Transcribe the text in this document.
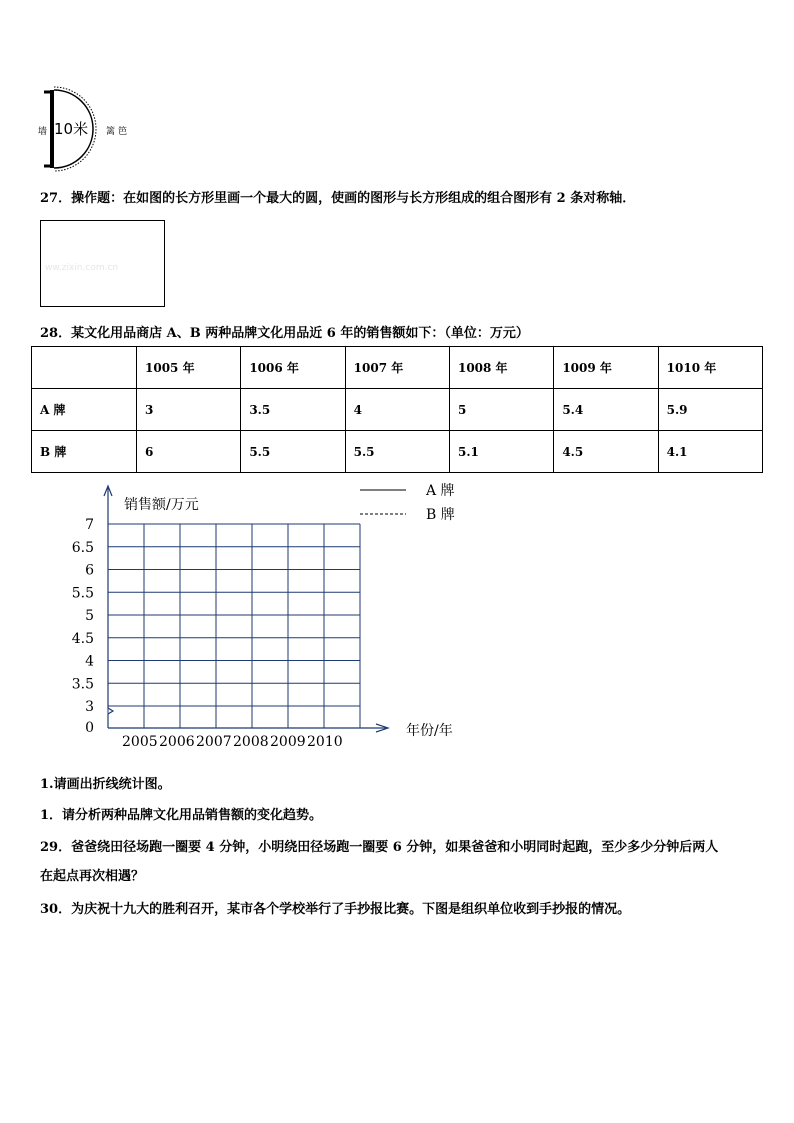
墙 10米 篱笆
27．操作题：在如图的长方形里画一个最大的圆，使画的图形与长方形组成的组合图形有 2 条对称轴．
ww.zixin.com.cn
28．某文化用品商店 A、B 两种品牌文化用品近 6 年的销售额如下：（单位：万元）
	1005 年	1006 年	1007 年	1008 年	1009 年	1010 年
A 牌	3	3.5	4	5	5.4	5.9
B 牌	6	5.5	5.5	5.1	4.5	4.1
0
3
3.5
4
4.5
5
5.5
6
6.5
7
2005 2006 2007 2008 2009 2010
销售额/万元
年份/年
A 牌
B 牌
1.请画出折线统计图。
1．请分析两种品牌文化用品销售额的变化趋势。
29．爸爸绕田径场跑一圈要 4 分钟，小明绕田径场跑一圈要 6 分钟，如果爸爸和小明同时起跑，至少多少分钟后两人
在起点再次相遇？
30．为庆祝十九大的胜利召开，某市各个学校举行了手抄报比赛。下图是组织单位收到手抄报的情况。
